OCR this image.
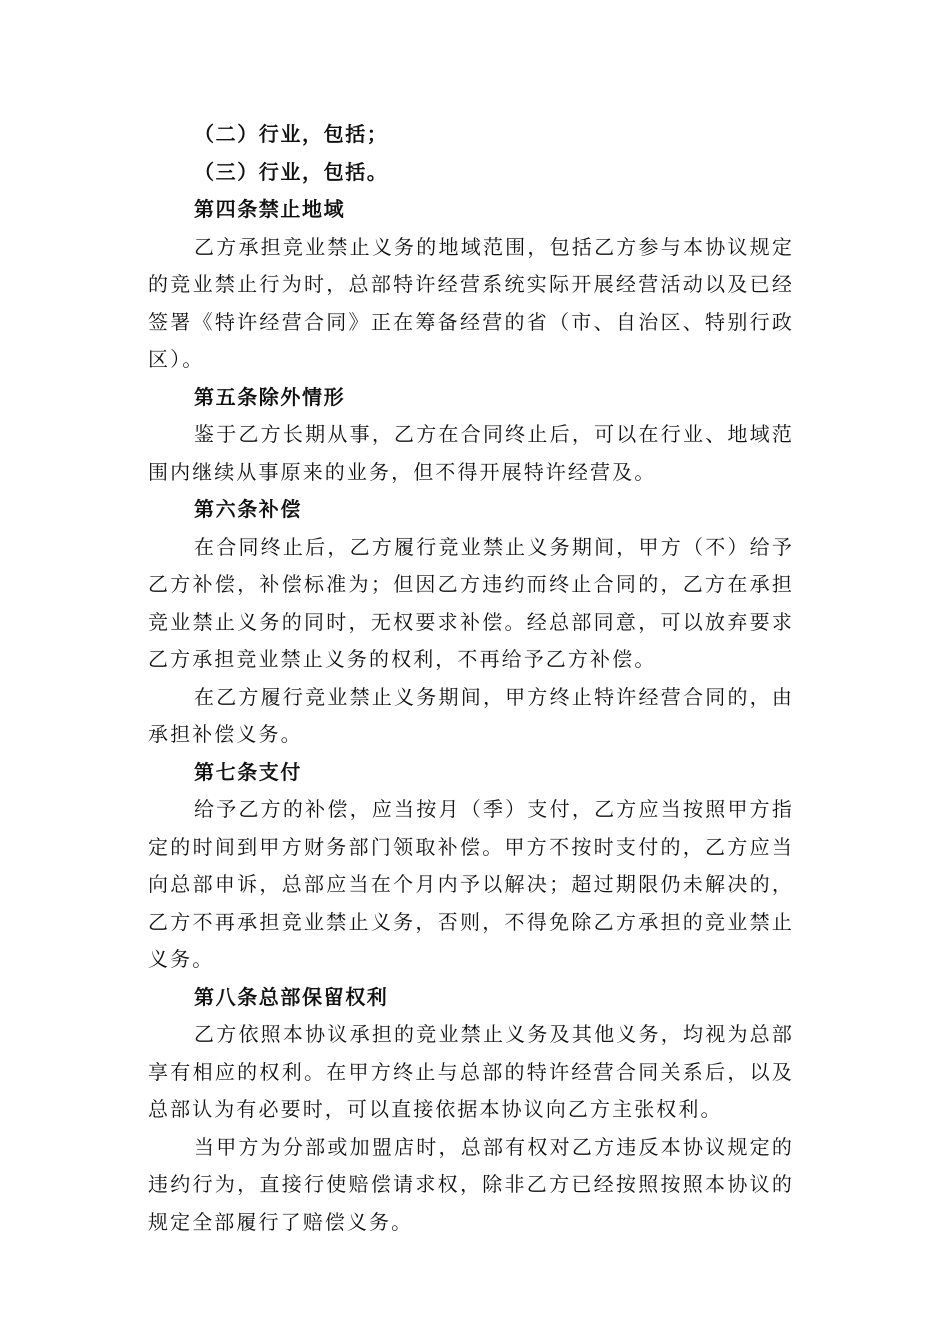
（二）行业，包括；

（三）行业，包括。

第四条禁止地域

乙方承担竞业禁止义务的地域范围，包括乙方参与本协议规定的竞业禁止行为时，总部特许经营系统实际开展经营活动以及已经签署《特许经营合同》正在筹备经营的省（市、自治区、特别行政区）。

第五条除外情形

鉴于乙方长期从事，乙方在合同终止后，可以在行业、地域范围内继续从事原来的业务，但不得开展特许经营及。

第六条补偿

在合同终止后，乙方履行竞业禁止义务期间，甲方（不）给予乙方补偿，补偿标准为；但因乙方违约而终止合同的，乙方在承担竞业禁止义务的同时，无权要求补偿。经总部同意，可以放弃要求乙方承担竞业禁止义务的权利，不再给予乙方补偿。

在乙方履行竞业禁止义务期间，甲方终止特许经营合同的，由承担补偿义务。

第七条支付

给予乙方的补偿，应当按月（季）支付，乙方应当按照甲方指定的时间到甲方财务部门领取补偿。甲方不按时支付的，乙方应当向总部申诉，总部应当在个月内予以解决；超过期限仍未解决的，乙方不再承担竞业禁止义务，否则，不得免除乙方承担的竞业禁止义务。

第八条总部保留权利

乙方依照本协议承担的竞业禁止义务及其他义务，均视为总部享有相应的权利。在甲方终止与总部的特许经营合同关系后，以及总部认为有必要时，可以直接依据本协议向乙方主张权利。

当甲方为分部或加盟店时，总部有权对乙方违反本协议规定的违约行为，直接行使赔偿请求权，除非乙方已经按照按照本协议的规定全部履行了赔偿义务。
